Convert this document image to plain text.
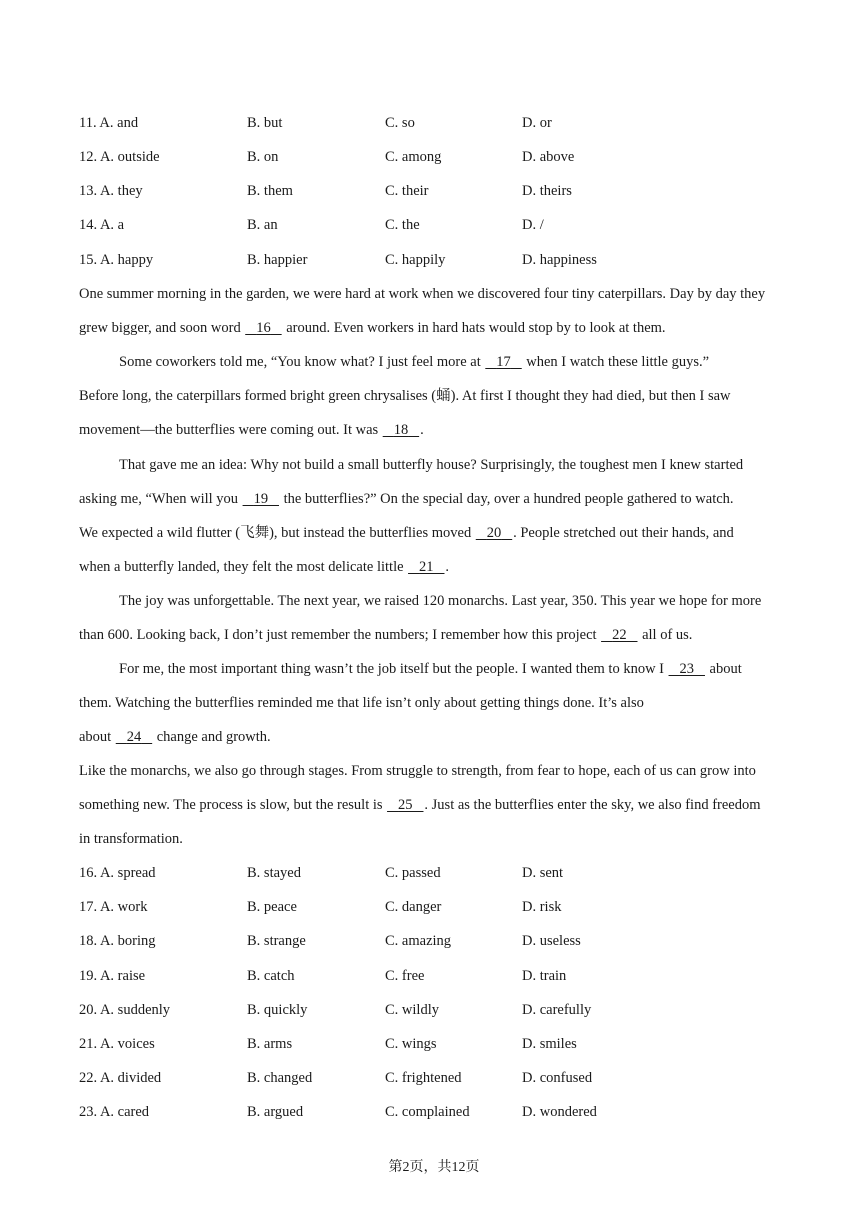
11. A. and	B. but	C. so	D. or
12. A. outside	B. on	C. among	D. above
13. A. they	B. them	C. their	D. theirs
14. A. a	B. an	C. the	D. /
15. A. happy	B. happier	C. happily	D. happiness
One summer morning in the garden, we were hard at work when we discovered four tiny caterpillars. Day by day they
grew bigger, and soon word 16 around. Even workers in hard hats would stop by to look at them.
Some coworkers told me, “You know what? I just feel more at 17 when I watch these little guys.”
Before long, the caterpillars formed bright green chrysalises (蛹). At first I thought they had died, but then I saw
movement—the butterflies were coming out. It was 18 .
That gave me an idea: Why not build a small butterfly house? Surprisingly, the toughest men I knew started
asking me, “When will you 19 the butterflies?” On the special day, over a hundred people gathered to watch.
We expected a wild flutter (飞舞), but instead the butterflies moved 20 . People stretched out their hands, and
when a butterfly landed, they felt the most delicate little 21 .
The joy was unforgettable. The next year, we raised 120 monarchs. Last year, 350. This year we hope for more
than 600. Looking back, I don’t just remember the numbers; I remember how this project 22 all of us.
For me, the most important thing wasn’t the job itself but the people. I wanted them to know I 23 about
them. Watching the butterflies reminded me that life isn’t only about getting things done. It’s also
about 24 change and growth.
Like the monarchs, we also go through stages. From struggle to strength, from fear to hope, each of us can grow into
something new. The process is slow, but the result is 25 . Just as the butterflies enter the sky, we also find freedom
in transformation.
16. A. spread	B. stayed	C. passed	D. sent
17. A. work	B. peace	C. danger	D. risk
18. A. boring	B. strange	C. amazing	D. useless
19. A. raise	B. catch	C. free	D. train
20. A. suddenly	B. quickly	C. wildly	D. carefully
21. A. voices	B. arms	C. wings	D. smiles
22. A. divided	B. changed	C. frightened	D. confused
23. A. cared	B. argued	C. complained	D. wondered
第2页，共12页
